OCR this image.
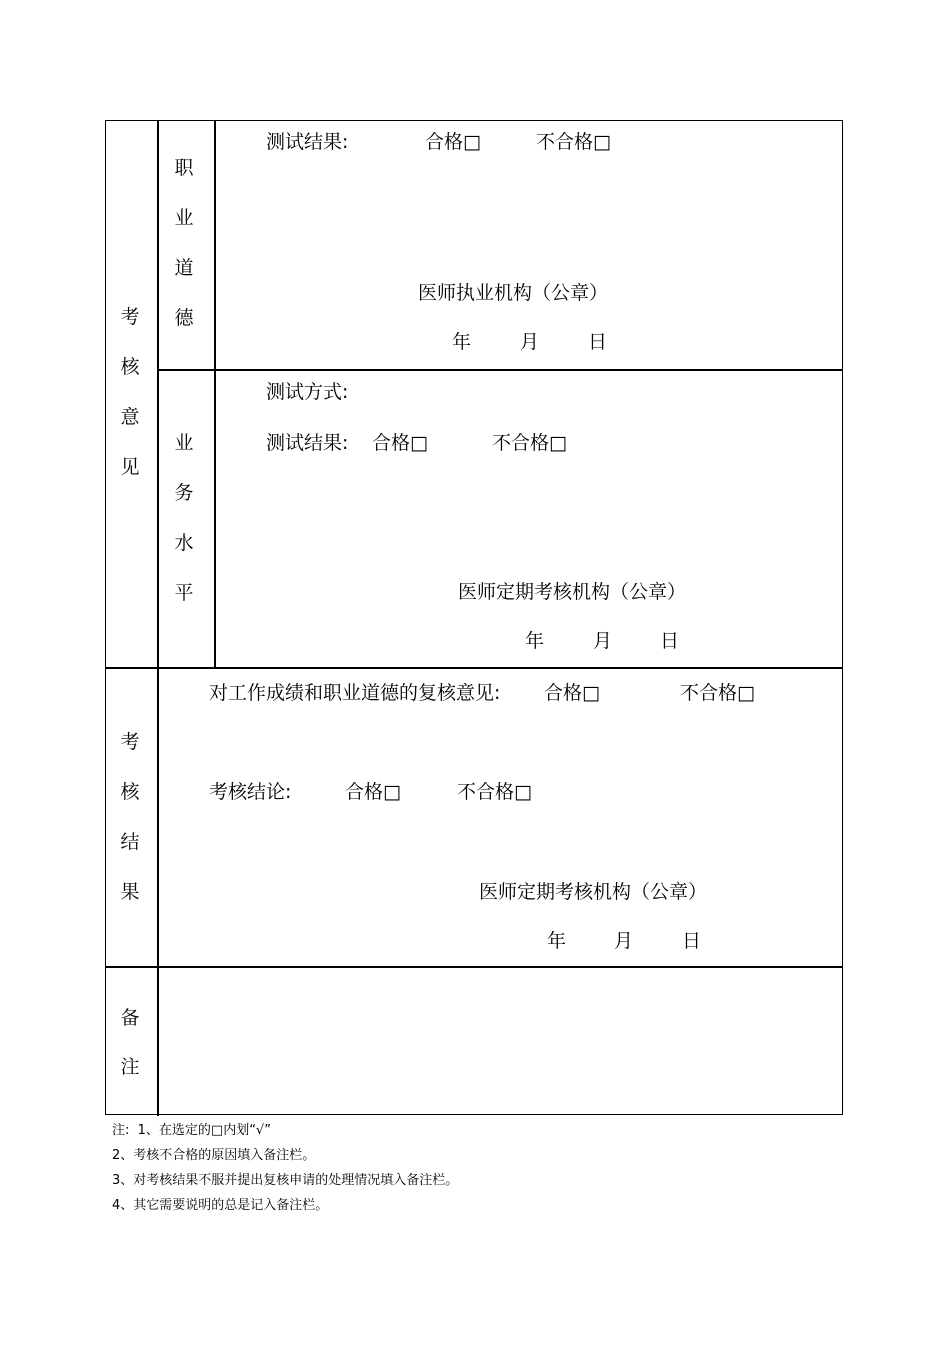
考
核
意
见
职
业
道
德
测试结果:	合格□	不合格□
医师执业机构（公章）
年	月	日
业
务
水
平
测试方式:
测试结果: 合格□	不合格□
医师定期考核机构（公章）
年	月	日
考
核
结
果
对工作成绩和职业道德的复核意见: 合格□	不合格□
考核结论:	合格□	不合格□
医师定期考核机构（公章）
年	月	日
备
注
注:  1、在选定的□内划“√”
2、考核不合格的原因填入备注栏。
3、对考核结果不服并提出复核申请的处理情况填入备注栏。
4、其它需要说明的总是记入备注栏。
